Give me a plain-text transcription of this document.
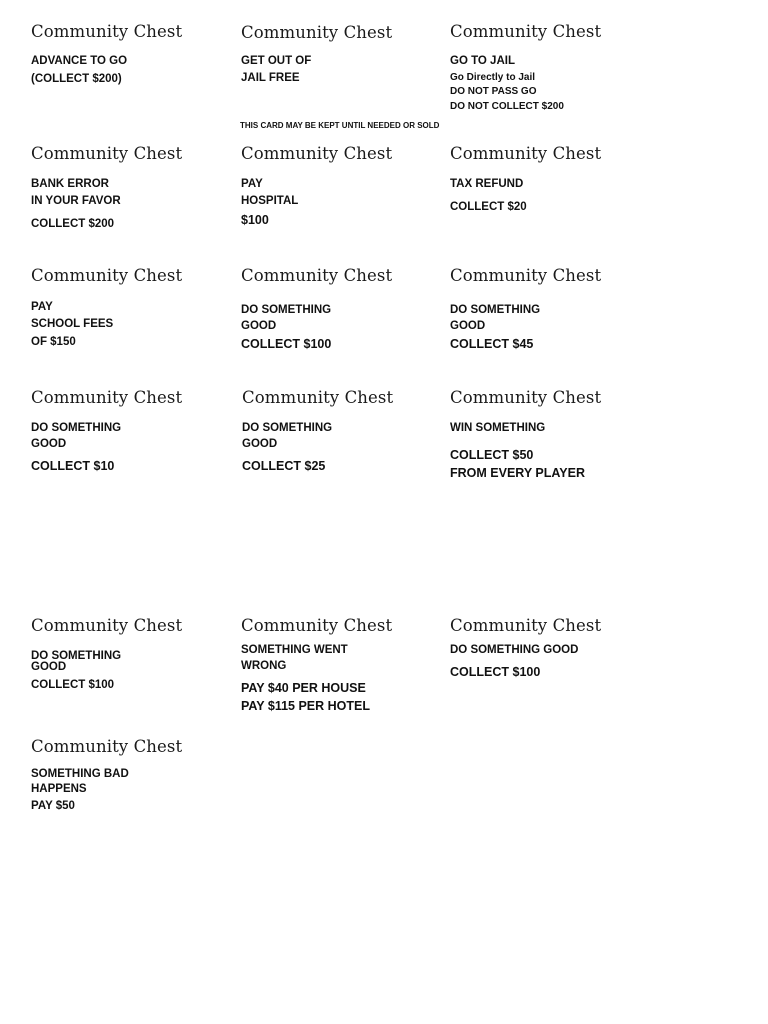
Community Chest
ADVANCE TO GO
(COLLECT $200)
Community Chest
GET OUT OF
JAIL FREE
THIS CARD MAY BE KEPT UNTIL NEEDED OR SOLD
Community Chest
GO TO JAIL
Go Directly to Jail
DO NOT PASS GO
DO NOT COLLECT $200
Community Chest
BANK ERROR
IN YOUR FAVOR
COLLECT $200
Community Chest
PAY
HOSPITAL
$100
Community Chest
TAX REFUND
COLLECT $20
Community Chest
PAY
SCHOOL FEES
OF $150
Community Chest
DO SOMETHING
GOOD
COLLECT $100
Community Chest
DO SOMETHING
GOOD
COLLECT $45
Community Chest
DO SOMETHING
GOOD
COLLECT $10
Community Chest
DO SOMETHING
GOOD
COLLECT $25
Community Chest
WIN SOMETHING
COLLECT $50
FROM EVERY PLAYER
Community Chest
DO SOMETHING
GOOD
COLLECT $100
Community Chest
SOMETHING WENT
WRONG
PAY $40 PER HOUSE
PAY $115 PER HOTEL
Community Chest
DO SOMETHING GOOD
COLLECT $100
Community Chest
SOMETHING BAD
HAPPENS
PAY $50
